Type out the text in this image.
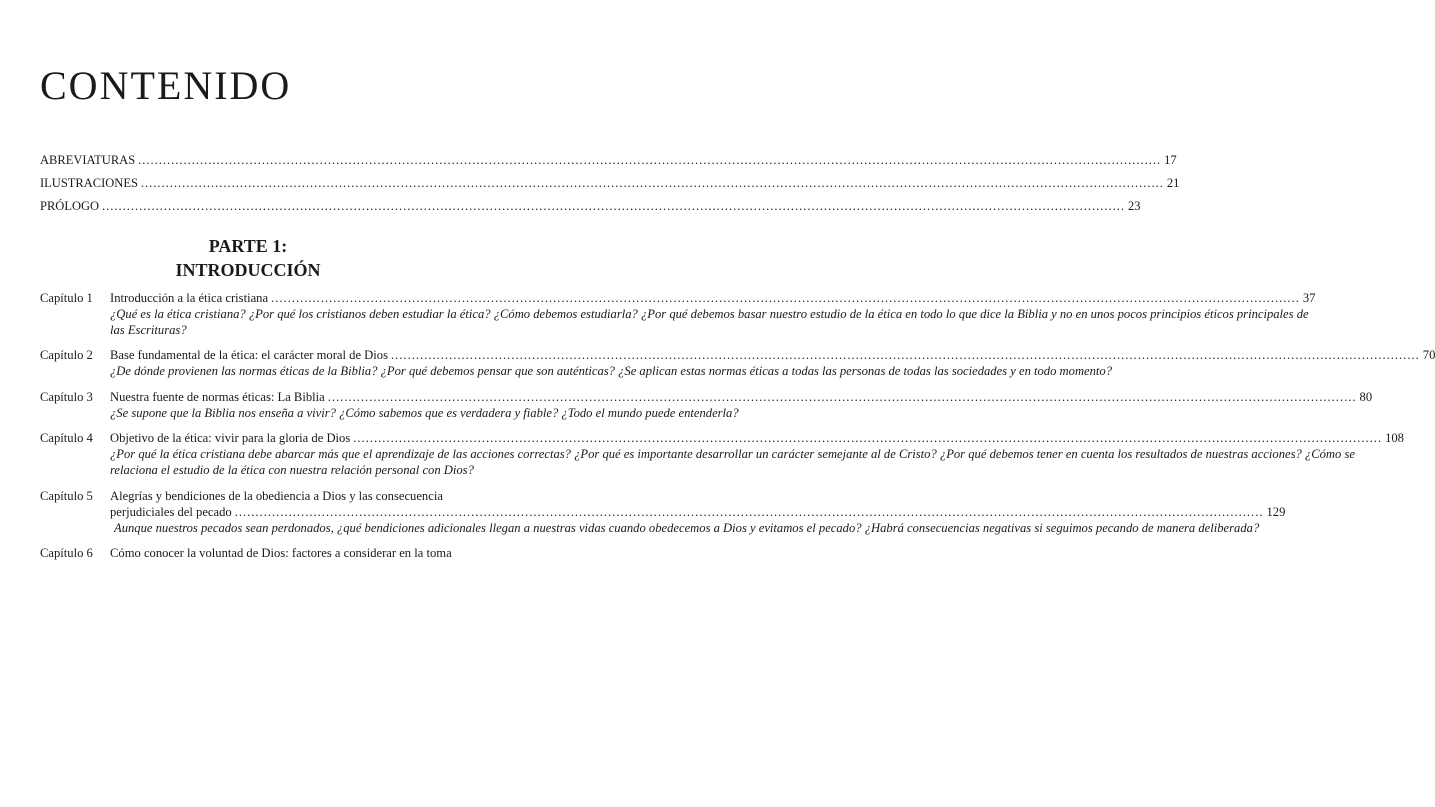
CONTENIDO
ABREVIATURAS .....	17
ILUSTRACIONES .....	21
PRÓLOGO .....	23
PARTE 1:
INTRODUCCIÓN
Capítulo 1	Introducción a la ética cristiana .....	37
¿Qué es la ética cristiana? ¿Por qué los cristianos deben estudiar la ética? ¿Cómo debemos estudiarla? ¿Por qué debemos basar nuestro estudio de la ética en todo lo que dice la Biblia y no en unos pocos principios éticos principales de las Escrituras?
Capítulo 2	Base fundamental de la ética: el carácter moral de Dios .....	70
¿De dónde provienen las normas éticas de la Biblia? ¿Por qué debemos pensar que son auténticas? ¿Se aplican estas normas éticas a todas las personas de todas las sociedades y en todo momento?
Capítulo 3	Nuestra fuente de normas éticas: La Biblia .....	80
¿Se supone que la Biblia nos enseña a vivir? ¿Cómo sabemos que es verdadera y fiable? ¿Todo el mundo puede entenderla?
Capítulo 4	Objetivo de la ética: vivir para la gloria de Dios .....	108
¿Por qué la ética cristiana debe abarcar más que el aprendizaje de las acciones correctas? ¿Por qué es importante desarrollar un carácter semejante al de Cristo? ¿Por qué debemos tener en cuenta los resultados de nuestras acciones? ¿Cómo se relaciona el estudio de la ética con nuestra relación personal con Dios?
Capítulo 5	Alegrías y bendiciones de la obediencia a Dios y las consecuencia
perjudiciales del pecado .....	129
Aunque nuestros pecados sean perdonados, ¿qué bendiciones adicionales llegan a nuestras vidas cuando obedecemos a Dios y evitamos el pecado? ¿Habrá consecuencias negativas si seguimos pecando de manera deliberada?
Capítulo 6	Cómo conocer la voluntad de Dios: factores a considerar en la toma
